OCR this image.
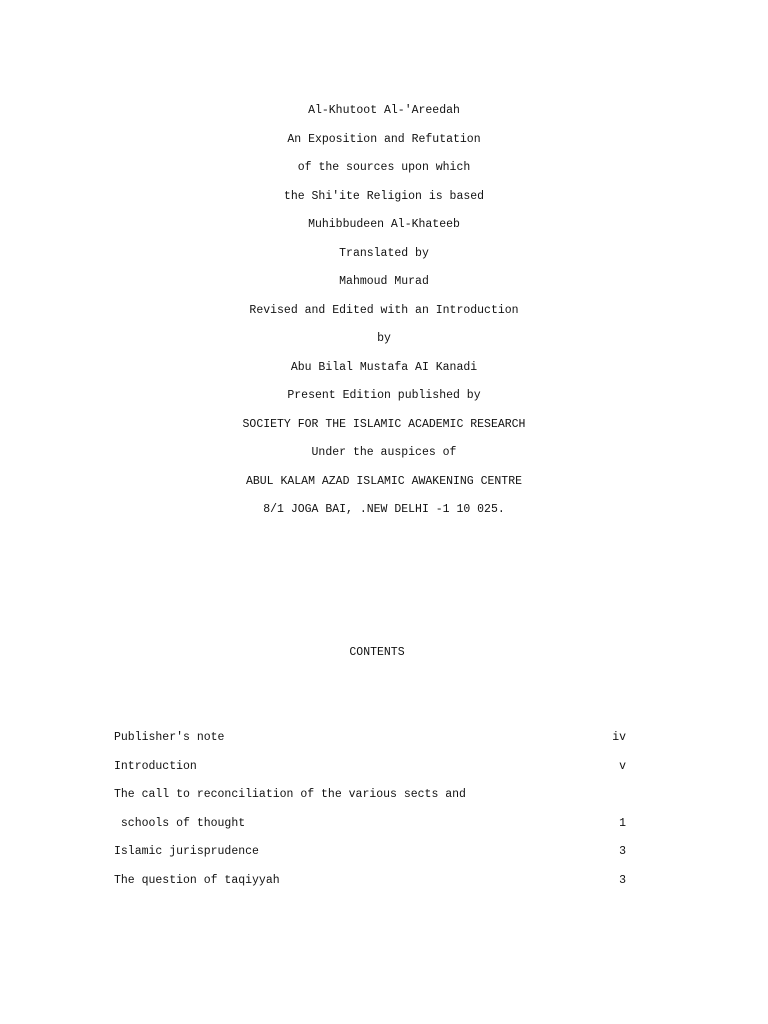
Al-Khutoot Al-'Areedah
An Exposition and Refutation
of the sources upon which
the Shi'ite Religion is based
Muhibbudeen Al-Khateeb
Translated by
Mahmoud Murad
Revised and Edited with an Introduction
by
Abu Bilal Mustafa AI Kanadi
Present Edition published by
SOCIETY FOR THE ISLAMIC ACADEMIC RESEARCH
Under the auspices of
ABUL KALAM AZAD ISLAMIC AWAKENING CENTRE
8/1 JOGA BAI, .NEW DELHI -1 10 025.
CONTENTS
Publisher's note	iv
Introduction	v
The call to reconciliation of the various sects and
schools of thought	1
Islamic jurisprudence	3
The question of taqiyyah	3
